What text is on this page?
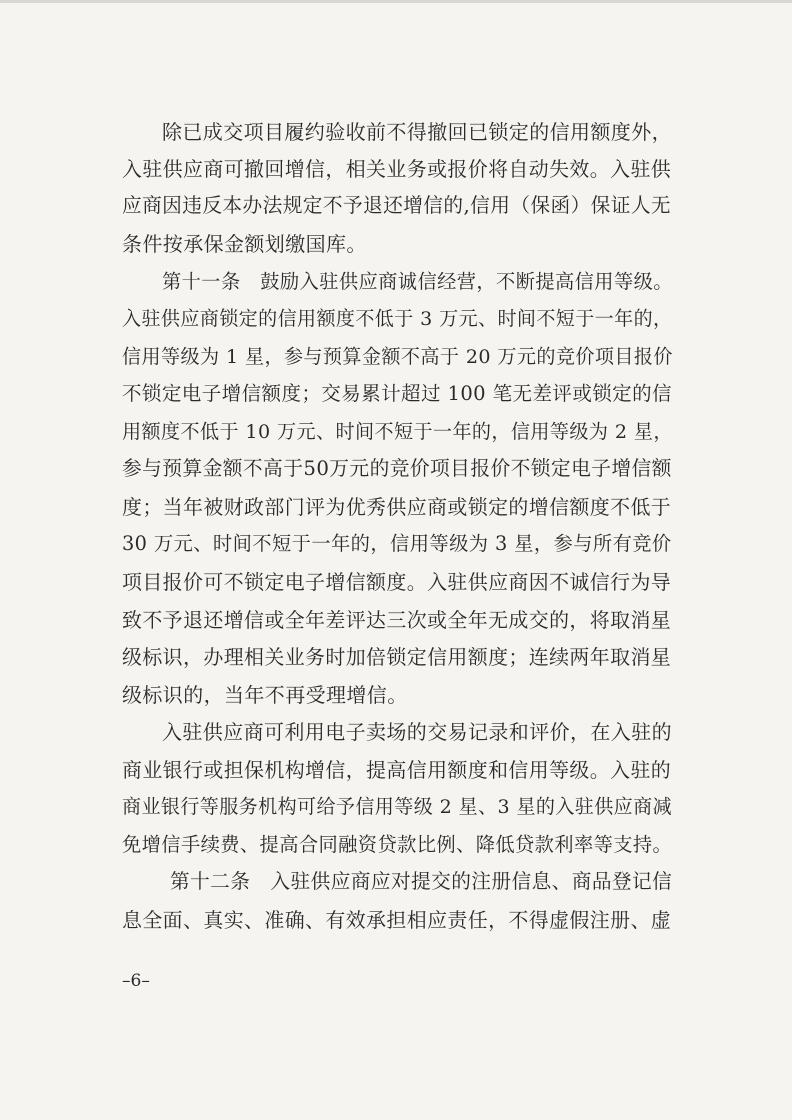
除已成交项目履约验收前不得撤回已锁定的信用额度外，
入驻供应商可撤回增信，相关业务或报价将自动失效。入驻供
应商因违反本办法规定不予退还增信的,信用（保函）保证人无
条件按承保金额划缴国库。
第十一条　鼓励入驻供应商诚信经营，不断提高信用等级。
入驻供应商锁定的信用额度不低于 3 万元、时间不短于一年的，
信用等级为 1 星，参与预算金额不高于 20 万元的竞价项目报价
不锁定电子增信额度；交易累计超过 100 笔无差评或锁定的信
用额度不低于 10 万元、时间不短于一年的，信用等级为 2 星，
参与预算金额不高于50万元的竞价项目报价不锁定电子增信额
度；当年被财政部门评为优秀供应商或锁定的增信额度不低于
30 万元、时间不短于一年的，信用等级为 3 星，参与所有竞价
项目报价可不锁定电子增信额度。入驻供应商因不诚信行为导
致不予退还增信或全年差评达三次或全年无成交的，将取消星
级标识，办理相关业务时加倍锁定信用额度；连续两年取消星
级标识的，当年不再受理增信。
入驻供应商可利用电子卖场的交易记录和评价，在入驻的
商业银行或担保机构增信，提高信用额度和信用等级。入驻的
商业银行等服务机构可给予信用等级 2 星、3 星的入驻供应商减
免增信手续费、提高合同融资贷款比例、降低贷款利率等支持。
第十二条　入驻供应商应对提交的注册信息、商品登记信
息全面、真实、准确、有效承担相应责任，不得虚假注册、虚
–6–
